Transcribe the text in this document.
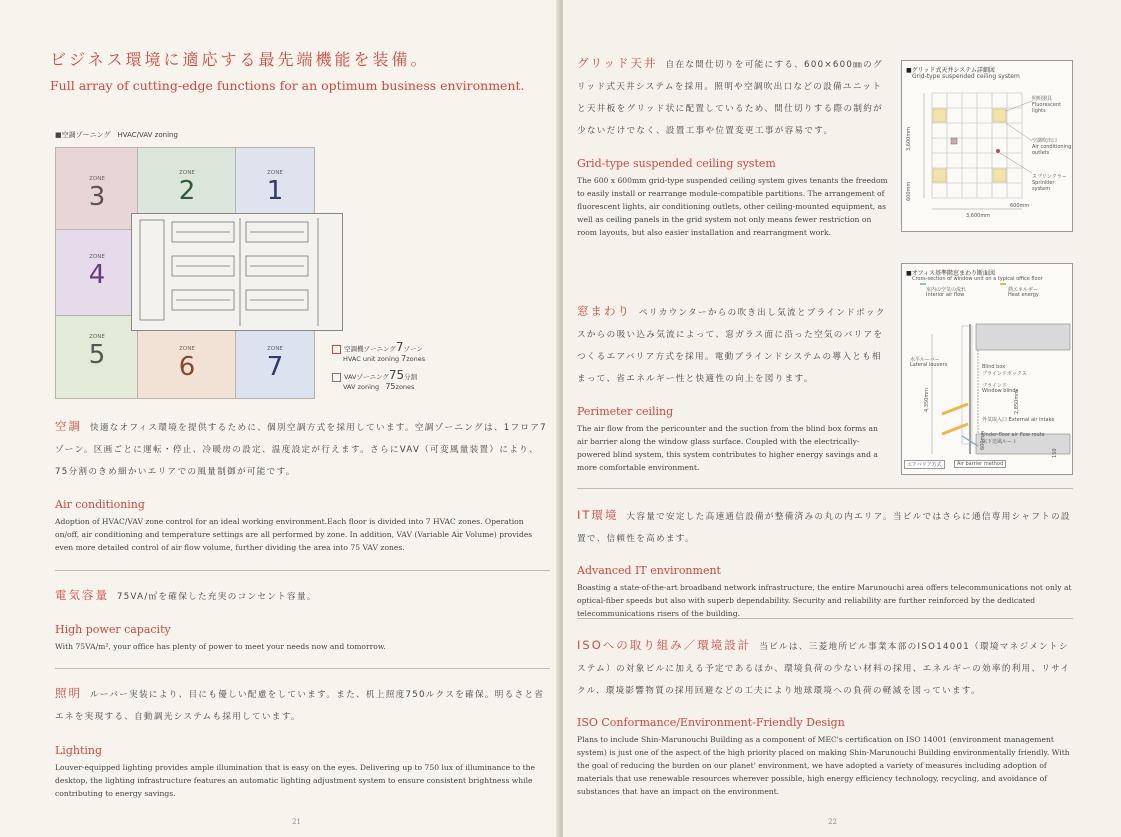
ビジネス環境に適応する最先端機能を装備。
Full array of cutting-edge functions for an optimum business environment.
■空調ゾーニング　HVAC/VAV zoning
ZONE
3
ZONE
2
ZONE
1
ZONE
4
ZONE
5	ZONE
6
ZONE
7
空調機ゾーニング7ゾーン
HVAC unit zoning 7zones
VAVゾーニング75分割
VAV zoning 75zones
空調 快適なオフィス環境を提供するために、個別空調方式を採用しています。空調ゾーニングは、1フロア7ゾーン。区画ごとに運転・停止、冷暖房の設定、温度設定が行えます。さらにVAV（可変風量装置）により、75分割のきめ細かいエリアでの風量制御が可能です。
Air conditioning
Adoption of HVAC/VAV zone control for an ideal working environment.Each floor is divided into 7 HVAC zones. Operation on/off, air conditioning and temperature settings are all performed by zone. In addition, VAV (Variable Air Volume) provides even more detailed control of air flow volume, further dividing the area into 75 VAV zones.
電気容量 75VA/㎡を確保した充実のコンセント容量。
High power capacity
With 75VA/m², your office has plenty of power to meet your needs now and tomorrow.
照明 ルーバー実装により、目にも優しい配慮をしています。また、机上照度750ルクスを確保。明るさと省エネを実現する、自動調光システムも採用しています。
Lighting
Louver-equipped lighting provides ample illumination that is easy on the eyes. Delivering up to 750 lux of illuminance to the desktop, the lighting infrastructure features an automatic lighting adjustment system to ensure consistent brightness while contributing to energy savings.
21
グリッド天井 自在な間仕切りを可能にする、600×600㎜のグリッド式天井システムを採用。照明や空調吹出口などの設備ユニットと天井板をグリッド状に配置しているため、間仕切りする際の制約が少ないだけでなく、設置工事や位置変更工事が容易です。
Grid-type suspended ceiling system
The 600 x 600mm grid-type suspended ceiling system gives tenants the freedom to easily install or rearrange module-compatible partitions. The arrangement of fluorescent lights, air conditioning outlets, other ceiling-mounted equipment, as well as ceiling panels in the grid system not only means fewer restriction on room layouts, but also easier installation and rearrangment work.
■グリッド式天井システム詳細図
Grid-type suspended ceiling system
照明器具
Fluorescent lights
空調吹出口
Air conditioning outlets
スプリンクラー
Sprinkler system
3,600mm
600mm
3,600mm
600mm
窓まわり ペリカウンターからの吹き出し気流とブラインドボックスからの吸い込み気流によって、窓ガラス面に沿った空気のバリアをつくるエアバリア方式を採用。電動ブラインドシステムの導入とも相まって、省エネルギー性と快適性の向上を図ります。
Perimeter ceiling
The air flow from the pericounter and the suction from the blind box forms an air barrier along the window glass surface. Coupled with the electrically-powered blind system, this system contributes to higher energy savings and a more comfortable environment.
■オフィス基準階窓まわり断面図
Cross-section of window unit on a typical office floor
室内の空気の流れ
Interior air flow
熱エネルギー
Heat energy
水平ルーバー
Lateral louvers	Blind box
ブラインドボックス
ブラインド
Window blinds
外気取入口 External air intake
Under-floor air flow route
床下送風ルート
4,350mm	2,850mm
600mm
150
エアバリア方式	Air barrier method
IT環境 大容量で安定した高速通信設備が整備済みの丸の内エリア。当ビルではさらに通信専用シャフトの設置で、信頼性を高めます。
Advanced IT environment
Boasting a state-of-the-art broadband network infrastructure, the entire Marunouchi area offers telecommunications not only at optical-fiber speeds but also with superb dependability. Security and reliability are further reinforced by the dedicated telecommunications risers of the building.
ISOへの取り組み／環境設計 当ビルは、三菱地所ビル事業本部のISO14001（環境マネジメントシステム）の対象ビルに加える予定であるほか、環境負荷の少ない材料の採用、エネルギーの効率的利用、リサイクル、環境影響物質の採用回避などの工夫により地球環境への負荷の軽減を図っています。
ISO Conformance/Environment-Friendly Design
Plans to include Shin-Marunouchi Building as a component of MEC's certification on ISO 14001 (environment management system) is just one of the aspect of the high priority placed on making Shin-Marunouchi Building environmentally friendly. With the goal of reducing the burden on our planet' environment, we have adopted a variety of measures including adoption of materials that use renewable resources wherever possible, high energy efficiency technology, recycling, and avoidance of substances that have an impact on the environment.
22
